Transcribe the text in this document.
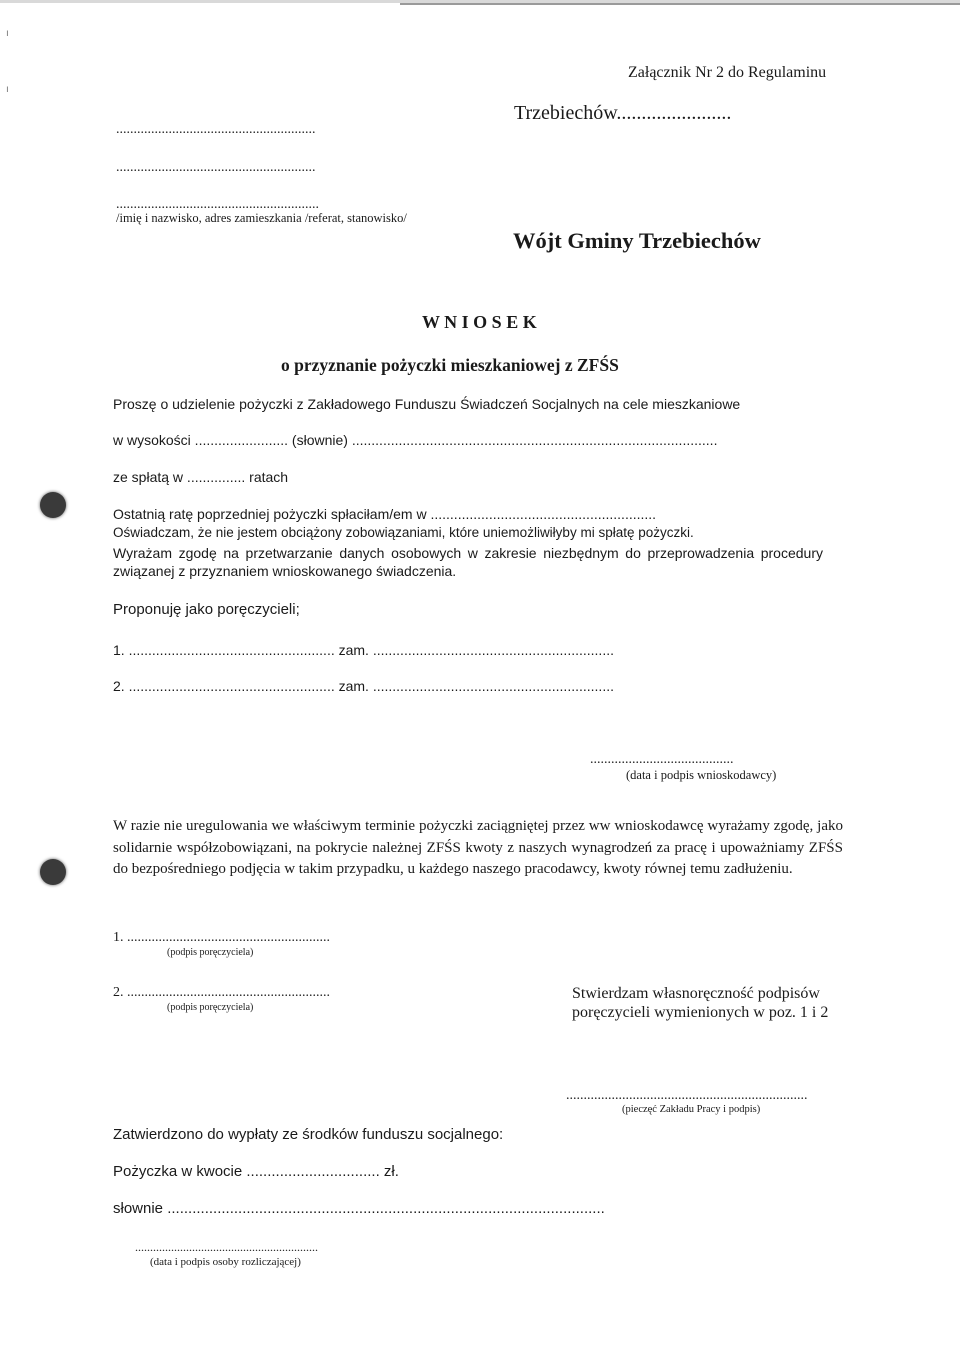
ı
ı
Załącznik Nr 2 do Regulaminu
Trzebiechów.......................
.........................................................
.........................................................
..........................................................
/imię i nazwisko, adres zamieszkania /referat, stanowisko/
Wójt Gminy Trzebiechów
W N I O S E K
o przyznanie pożyczki mieszkaniowej z ZFŚS
Proszę o udzielenie pożyczki z Zakładowego Funduszu Świadczeń Socjalnych na cele mieszkaniowe
w wysokości ........................ (słownie) ..............................................................................................
ze spłatą w ............... ratach
Ostatnią ratę poprzedniej pożyczki spłaciłam/em w ..........................................................
Oświadczam, że nie jestem obciążony zobowiązaniami, które uniemożliwiłyby mi spłatę pożyczki.

Wyrażam zgodę na przetwarzanie danych osobowych w zakresie niezbędnym do przeprowadzenia procedury związanej z przyznaniem wnioskowanego świadczenia.

Proponuję jako poręczycieli;
1. ..................................................... zam. ..............................................................
2. ..................................................... zam. ..............................................................
.........................................
(data i podpis wnioskodawcy)

W razie nie uregulowania we właściwym terminie pożyczki zaciągniętej przez ww wnioskodawcę wyrażamy zgodę, jako solidarnie współzobowiązani, na pokrycie należnej ZFŚS kwoty z naszych wynagrodzeń za pracę i upoważniamy ZFŚS do bezpośredniego podjęcia w takim przypadku, u każdego naszego pracodawcy, kwoty równej temu zadłużeniu.

1. ..........................................................
(podpis poręczyciela)
2. ..........................................................
(podpis poręczyciela)
Stwierdzam własnoręczność podpisów
poręczycieli wymienionych w poz. 1 i 2
.....................................................................
(pieczęć Zakładu Pracy i podpis)
Zatwierdzono do wypłaty ze środków funduszu socjalnego:
Pożyczka w kwocie ................................ zł.
słownie .........................................................................................................
.............................................................
(data i podpis osoby rozliczającej)
